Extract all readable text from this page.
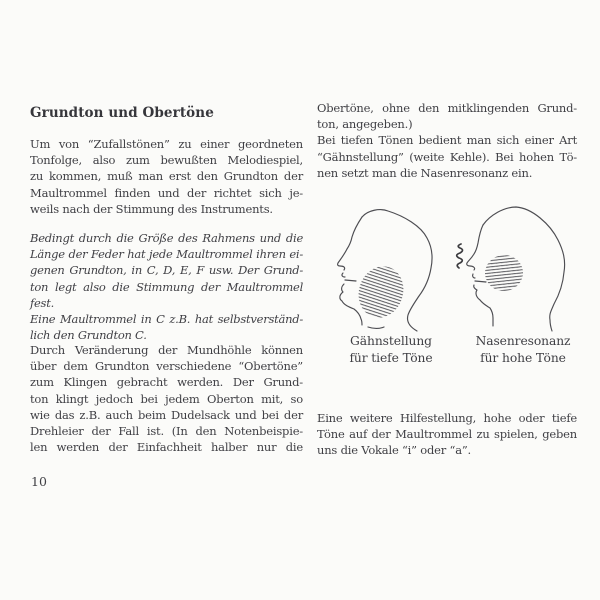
Grundton und Obertöne
Um von “Zufallstönen” zu einer geordneten
Tonfolge, also zum bewußten Melodiespiel,
zu kommen, muß man erst den Grundton der
Maultrommel finden und der richtet sich je-
weils nach der Stimmung des Instruments.
Bedingt durch die Größe des Rahmens und die
Länge der Feder hat jede Maultrommel ihren ei-
genen Grundton, in C, D, E, F usw. Der Grund-
ton legt also die Stimmung der Maultrommel fest.
Eine Maultrommel in C z.B. hat selbstverständ-
lich den Grundton C.
Durch Veränderung der Mundhöhle können
über dem Grundton verschiedene “Obertöne”
zum Klingen gebracht werden. Der Grund-
ton klingt jedoch bei jedem Oberton mit, so
wie das z.B. auch beim Dudelsack und bei der
Drehleier der Fall ist. (In den Notenbeispie-
len werden der Einfachheit halber nur die
10
Obertöne, ohne den mitklingenden Grund-
ton, angegeben.)
Bei tiefen Tönen bedient man sich einer Art
“Gähnstellung” (weite Kehle). Bei hohen Tö-
nen setzt man die Nasenresonanz ein.
Gähnstellung
für tiefe Töne
Nasenresonanz
für hohe Töne
Eine weitere Hilfestellung, hohe oder tiefe
Töne auf der Maultrommel zu spielen, geben
uns die Vokale “i” oder “a”.
